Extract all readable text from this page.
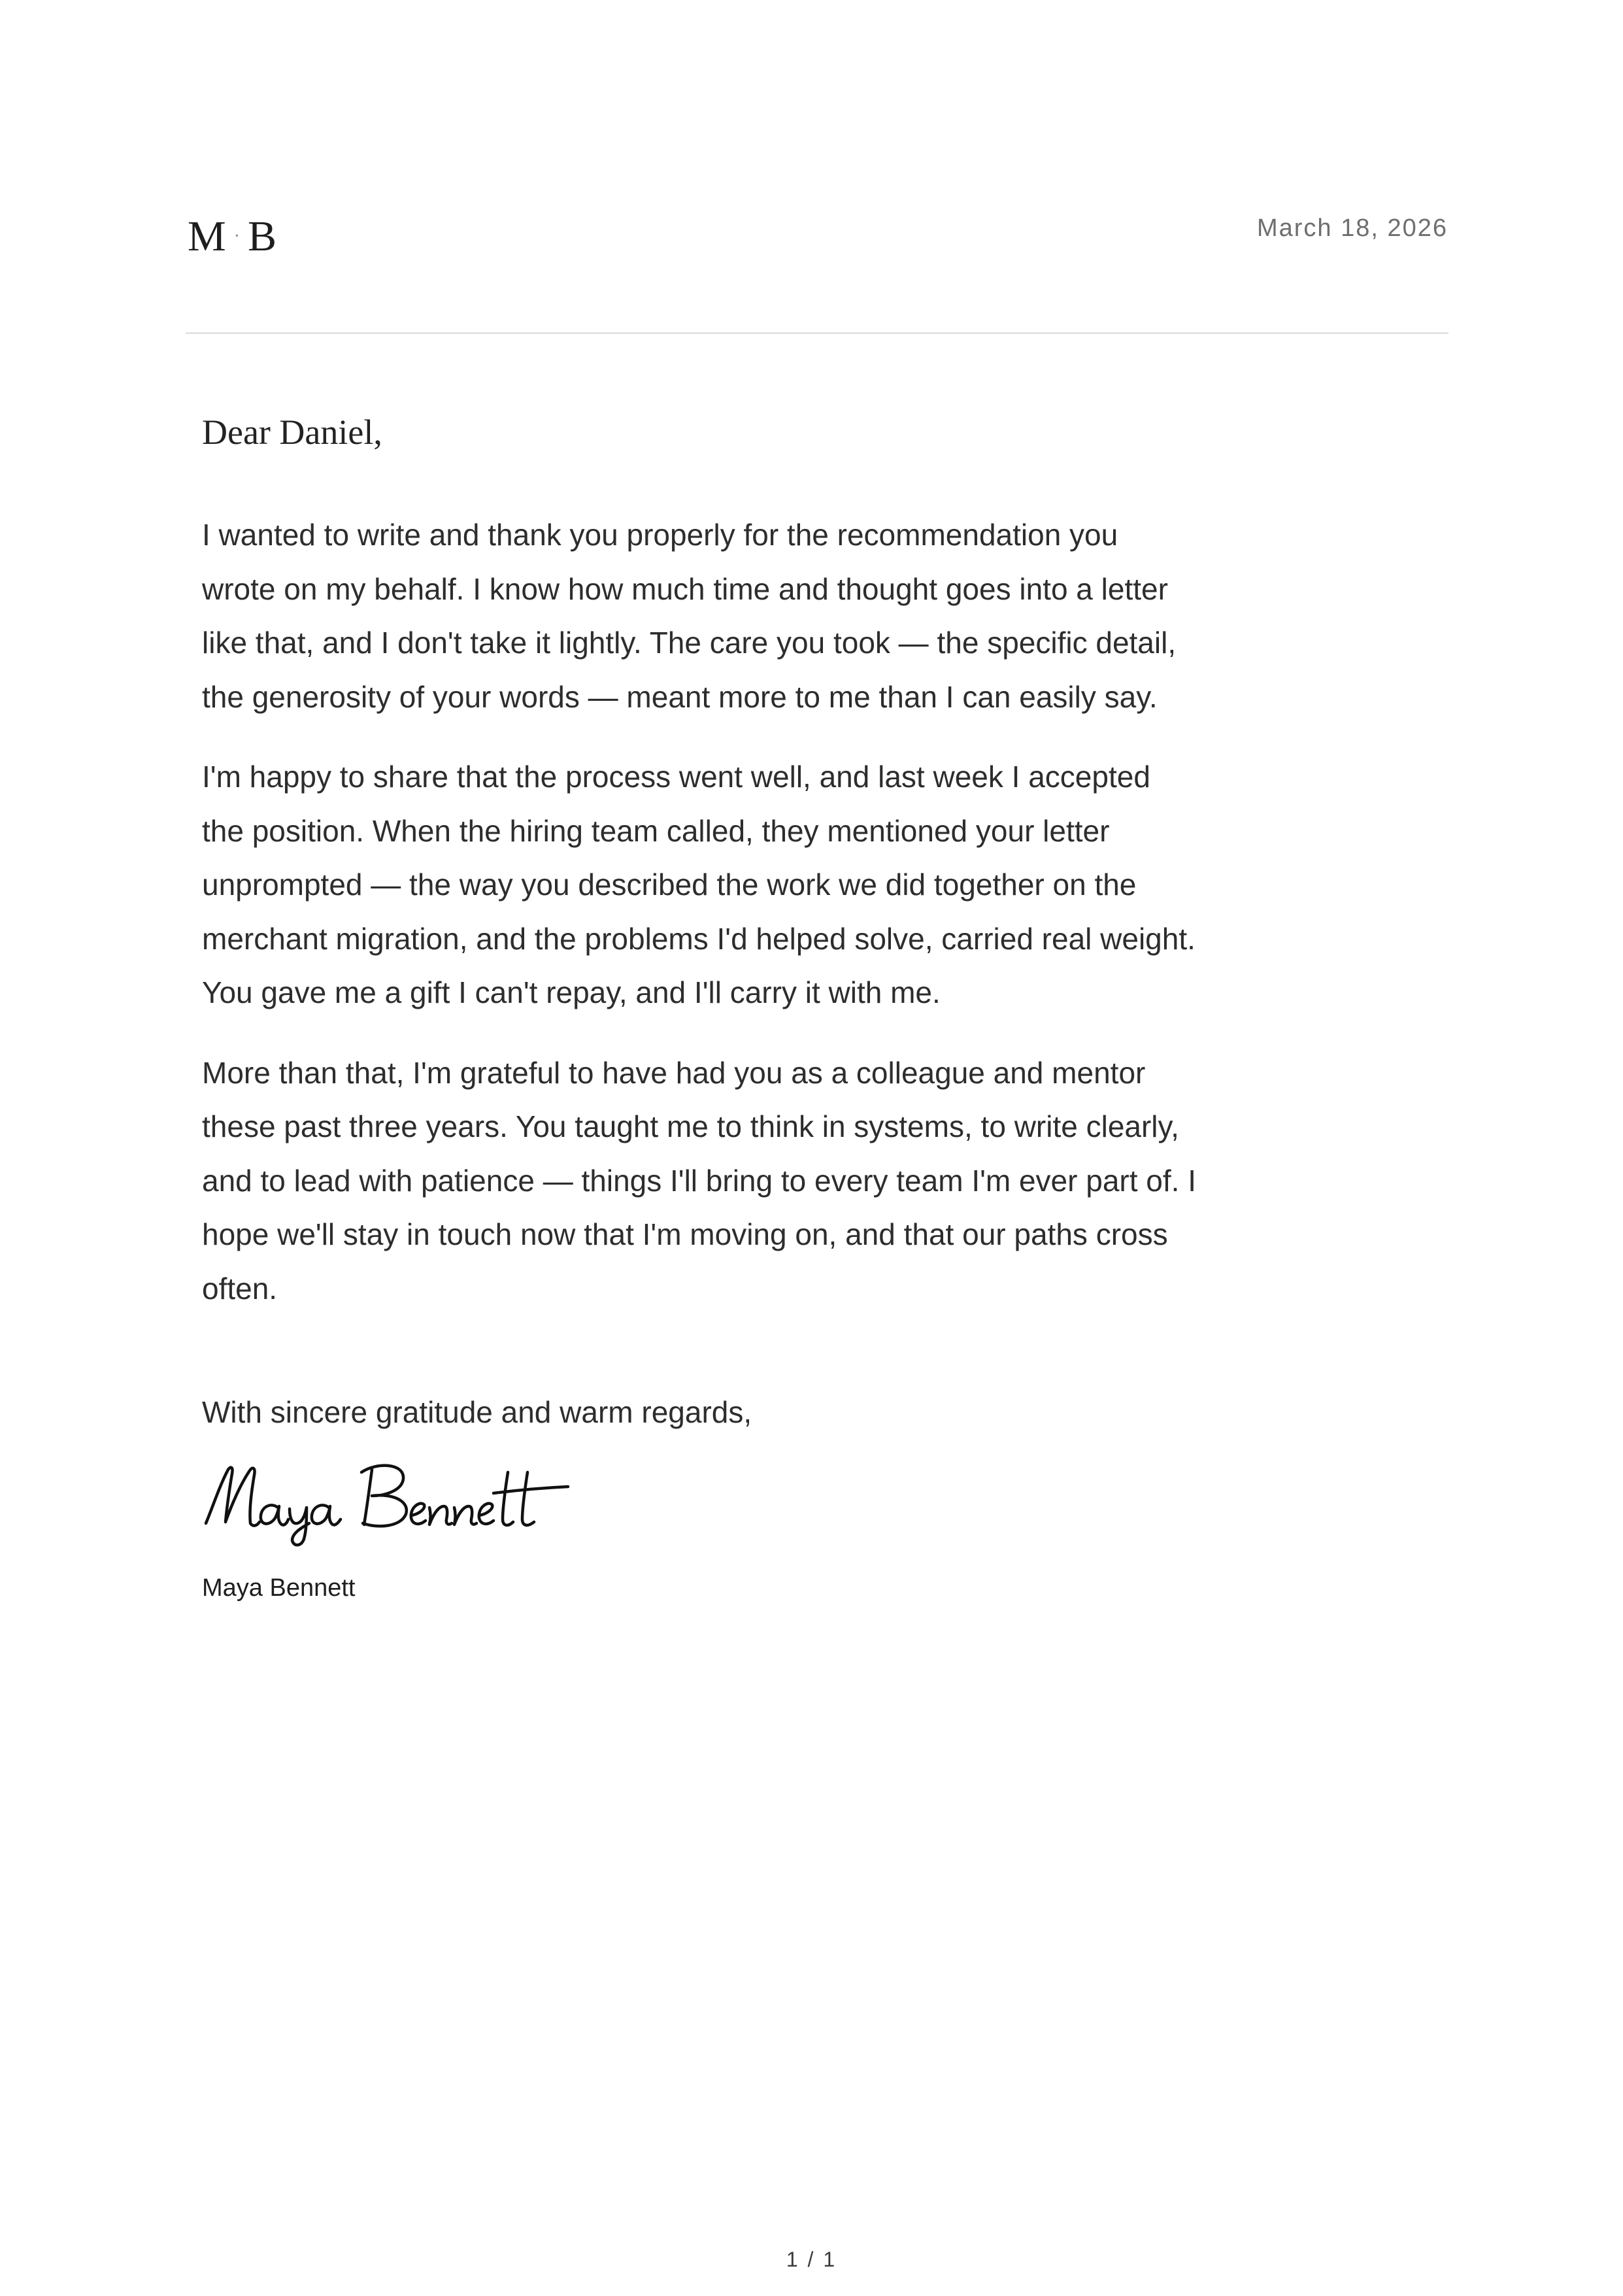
M · B	March 18, 2026
Dear Daniel,

I wanted to write and thank you properly for the recommendation you
wrote on my behalf. I know how much time and thought goes into a letter
like that, and I don't take it lightly. The care you took — the specific detail,
the generosity of your words — meant more to me than I can easily say.

I'm happy to share that the process went well, and last week I accepted
the position. When the hiring team called, they mentioned your letter
unprompted — the way you described the work we did together on the
merchant migration, and the problems I'd helped solve, carried real weight.
You gave me a gift I can't repay, and I'll carry it with me.

More than that, I'm grateful to have had you as a colleague and mentor
these past three years. You taught me to think in systems, to write clearly,
and to lead with patience — things I'll bring to every team I'm ever part of. I
hope we'll stay in touch now that I'm moving on, and that our paths cross
often.

With sincere gratitude and warm regards,
Maya Bennett
1 / 1
